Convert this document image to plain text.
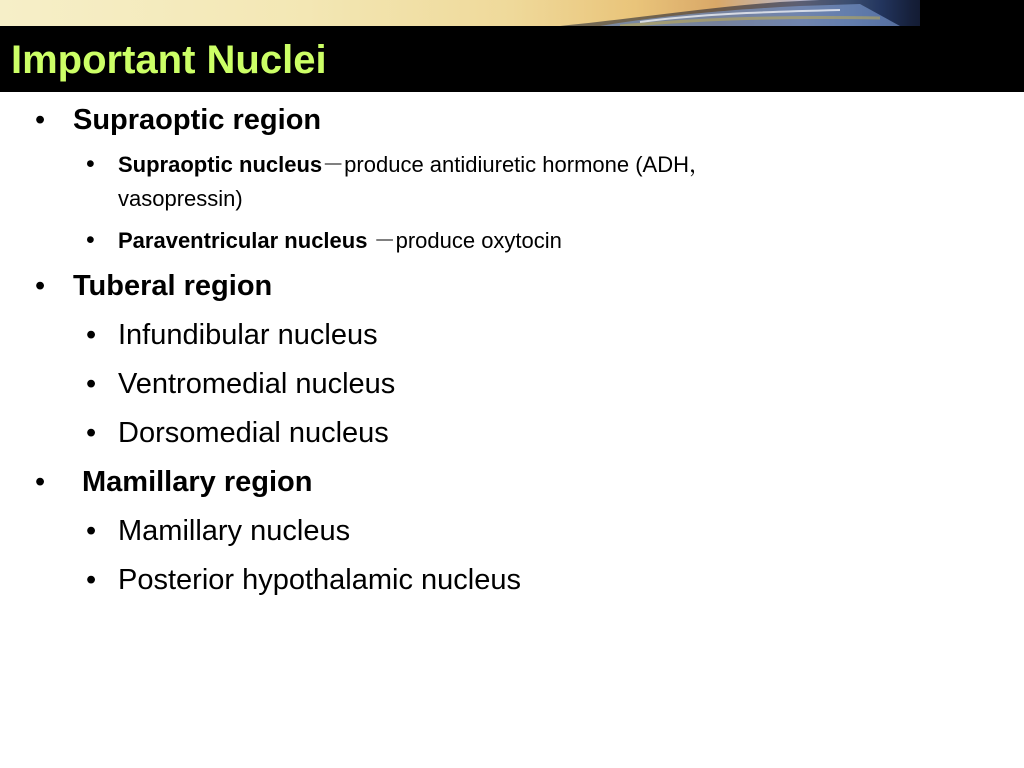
Important Nuclei
• Supraoptic region
• Supraoptic nucleus－produce antidiuretic hormone (ADH，
vasopressin)
• Paraventricular nucleus －produce oxytocin
• Tuberal region
• Infundibular nucleus
• Ventromedial nucleus
• Dorsomedial nucleus
• Mamillary region
• Mamillary nucleus
• Posterior hypothalamic nucleus
